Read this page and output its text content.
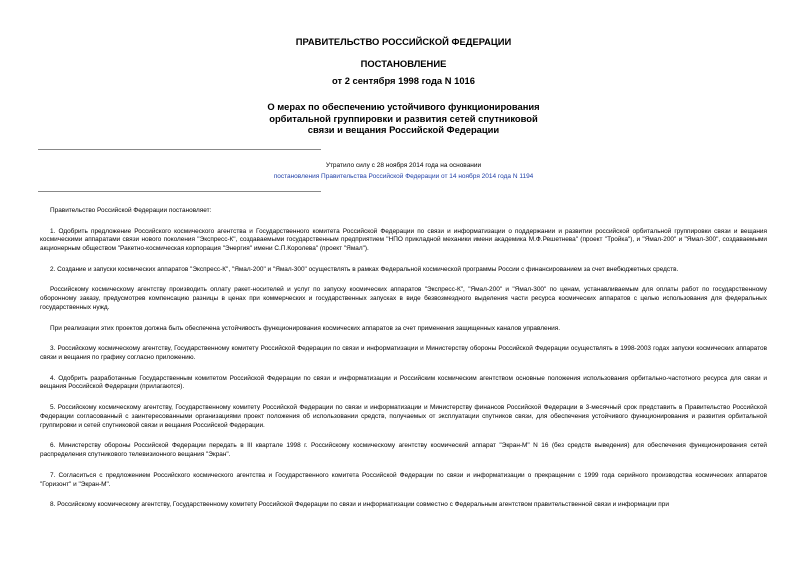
ПРАВИТЕЛЬСТВО РОССИЙСКОЙ ФЕДЕРАЦИИ
ПОСТАНОВЛЕНИЕ
от 2 сентября 1998 года N 1016
О мерах по обеспечению устойчивого функционирования
орбитальной группировки и развития сетей спутниковой
связи и вещания Российской Федерации
Утратило силу с 28 ноября 2014 года на основании
постановления Правительства Российской Федерации от 14 ноября 2014 года N 1194

Правительство Российской Федерации постановляет:

1. Одобрить предложение Российского космического агентства и Государственного комитета Российской Федерации по связи и информатизации о поддержании и развитии российской орбитальной группировки связи и вещания космическими аппаратами связи нового поколения "Экспресс-К", создаваемыми государственным предприятием "НПО прикладной механики имени академика М.Ф.Решетнева" (проект "Тройка"), и "Ямал-200" и "Ямал-300", создаваемыми акционерным обществом "Ракетно-космическая корпорация "Энергия" имени С.П.Королева" (проект "Ямал").

2. Создание и запуски космических аппаратов "Экспресс-К", "Ямал-200" и "Ямал-300" осуществлять в рамках Федеральной космической программы России с финансированием за счет внебюджетных средств.

Российскому космическому агентству производить оплату ракет-носителей и услуг по запуску космических аппаратов "Экспресс-К", "Ямал-200" и "Ямал-300" по ценам, устанавливаемым для оплаты работ по государственному оборонному заказу, предусмотрев компенсацию разницы в ценах при коммерческих и государственных запусках в виде безвозмездного выделения части ресурса космических аппаратов с целью использования для федеральных государственных нужд.

При реализации этих проектов должна быть обеспечена устойчивость функционирования космических аппаратов за счет применения защищенных каналов управления.

3. Российскому космическому агентству, Государственному комитету Российской Федерации по связи и информатизации и Министерству обороны Российской Федерации осуществлять в 1998-2003 годах запуски космических аппаратов связи и вещания по графику согласно приложению.

4. Одобрить разработанные Государственным комитетом Российской Федерации по связи и информатизации и Российским космическим агентством основные положения использования орбитально-частотного ресурса для связи и вещания Российской Федерации (прилагаются).

5. Российскому космическому агентству, Государственному комитету Российской Федерации по связи и информатизации и Министерству финансов Российской Федерации в 3-месячный срок представить в Правительство Российской Федерации согласованный с заинтересованными организациями проект положения об использовании средств, получаемых от эксплуатации спутников связи, для обеспечения устойчивого функционирования и развития орбитальной группировки и сетей спутниковой связи и вещания Российской Федерации.

6. Министерству обороны Российской Федерации передать в III квартале 1998 г. Российскому космическому агентству космический аппарат "Экран-М" N 16 (без средств выведения) для обеспечения функционирования сетей распределения спутникового телевизионного вещания "Экран".

7. Согласиться с предложением Российского космического агентства и Государственного комитета Российской Федерации по связи и информатизации о прекращении с 1999 года серийного производства космических аппаратов "Горизонт" и "Экран-М".

8. Российскому космическому агентству, Государственному комитету Российской Федерации по связи и информатизации совместно с Федеральным агентством правительственной связи и информации при
